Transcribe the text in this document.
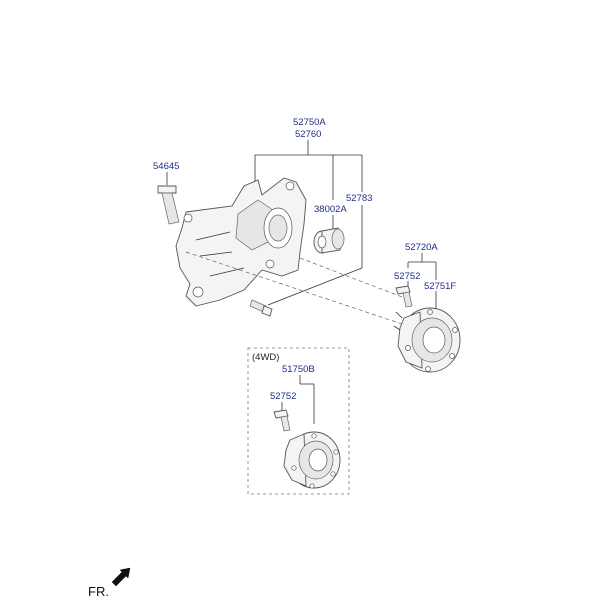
52750A
52760
54645
38002A
52783
52720A
52752
52751F
(4WD)
51750B
52752
FR.
